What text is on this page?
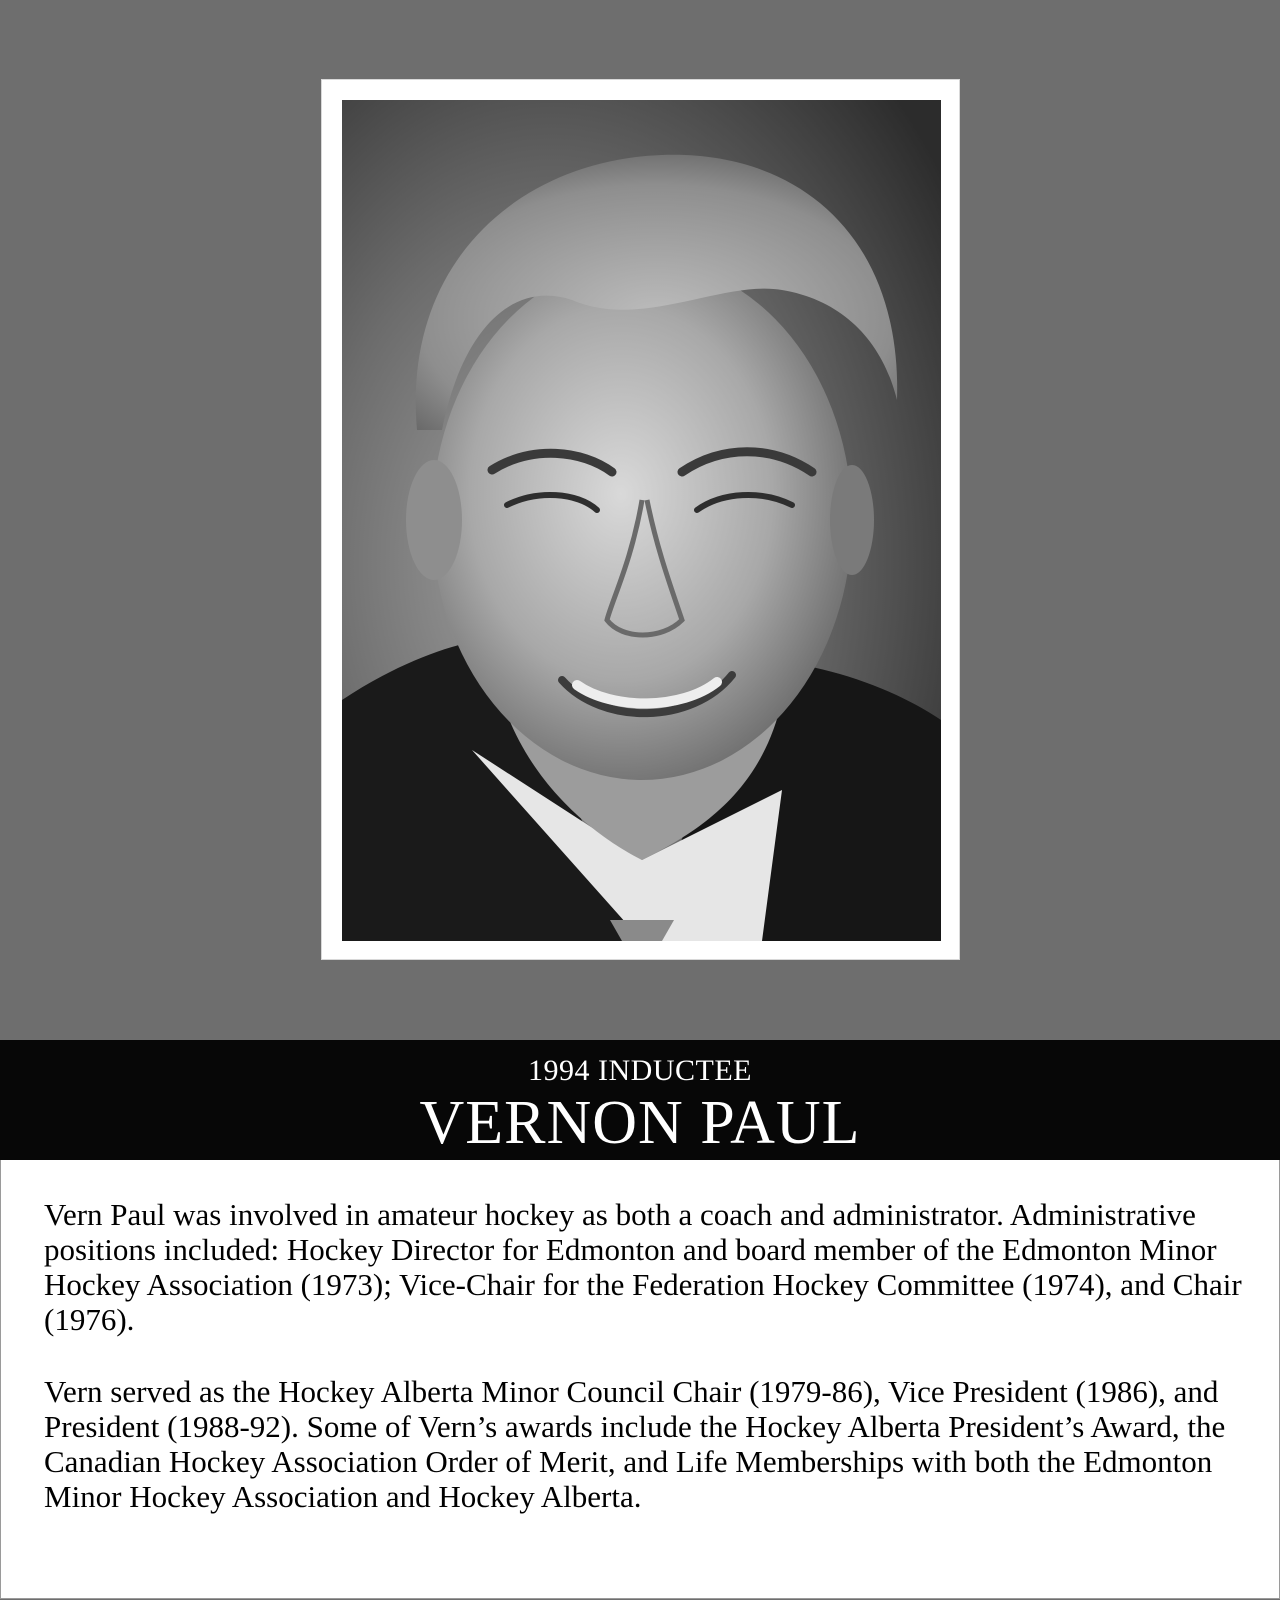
1994 INDUCTEE
VERNON PAUL

Vern Paul was involved in amateur hockey as both a coach and administrator. Administrative positions included: Hockey Director for Edmonton and board member of the Edmonton Minor Hockey Association (1973); Vice-Chair for the Federation Hockey Committee (1974), and Chair (1976).

Vern served as the Hockey Alberta Minor Council Chair (1979-86), Vice President (1986), and President (1988-92). Some of Vern’s awards include the Hockey Alberta President’s Award, the Canadian Hockey Association Order of Merit, and Life Memberships with both the Edmonton Minor Hockey Association and Hockey Alberta.
